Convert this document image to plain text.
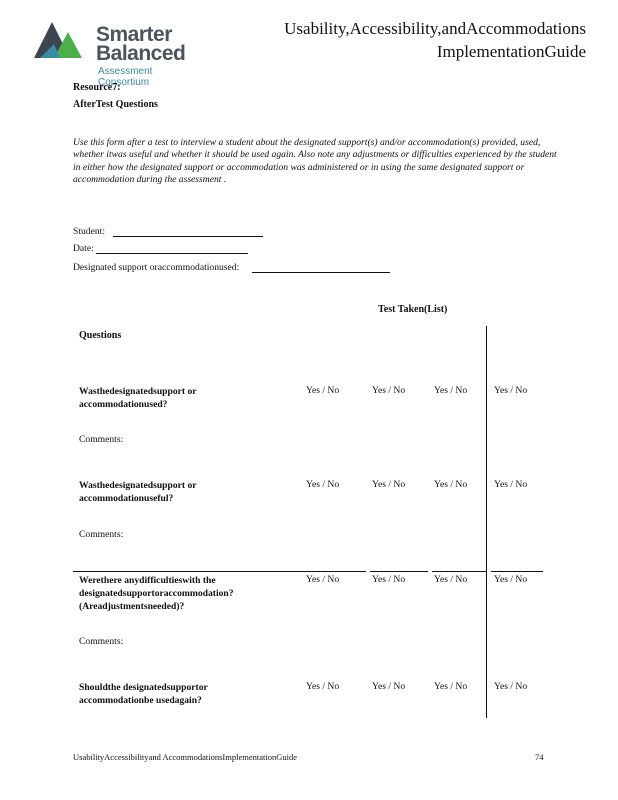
Smarter
Balanced
Assessment Consortium
Usability,Accessibility,andAccommodations
ImplementationGuide
Resource7:
AfterTest Questions
Use this form after a test to interview a student about the designated support(s) and/or accommodation(s) provided, used, whether itwas useful and whether it should be used again. Also note any adjustments or difficulties experienced by the student in either how the designated support or accommodation was administered or in using the same designated support or accommodation during the assessment .
Student:
Date:
Designated support oraccommodationused:
Test Taken(List)
Questions
Wasthedesignatedsupport or
accommodationused?
Yes / No	Yes / No	Yes / No	Yes / No
Comments:
Wasthedesignatedsupport or
accommodationuseful?
Yes / No	Yes / No	Yes / No	Yes / No
Comments:
Werethere anydifficultieswith the
designatedsupportoraccommodation?
(Areadjustmentsneeded)?
Yes / No	Yes / No	Yes / No	Yes / No
Comments:
Shouldthe designatedsupportor
accommodationbe usedagain?
Yes / No	Yes / No	Yes / No	Yes / No
UsabilityAccessibilityand AccommodationsImplementationGuide	74
